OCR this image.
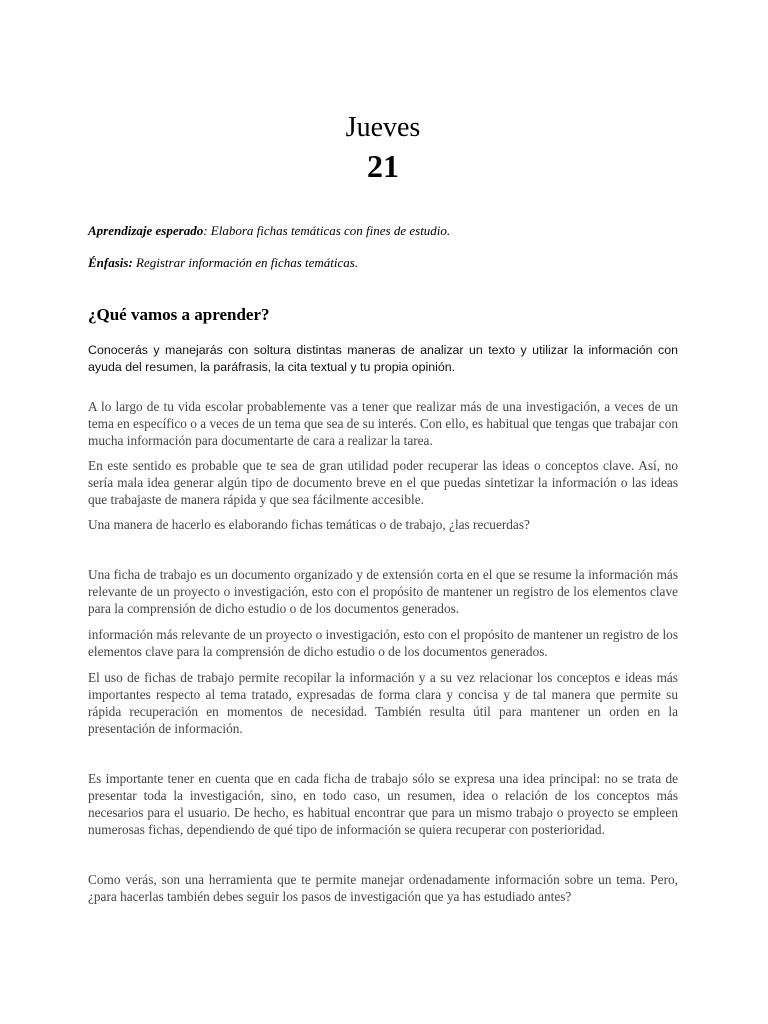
Jueves

21

Aprendizaje esperado: Elabora fichas temáticas con fines de estudio.

Énfasis: Registrar información en fichas temáticas.

¿Qué vamos a aprender?

Conocerás y manejarás con soltura distintas maneras de analizar un texto y utilizar la información con ayuda del resumen, la paráfrasis, la cita textual y tu propia opinión.

A lo largo de tu vida escolar probablemente vas a tener que realizar más de una investigación, a veces de un tema en específico o a veces de un tema que sea de su interés. Con ello, es habitual que tengas que trabajar con mucha información para documentarte de cara a realizar la tarea.

En este sentido es probable que te sea de gran utilidad poder recuperar las ideas o conceptos clave. Así, no sería mala idea generar algún tipo de documento breve en el que puedas sintetizar la información o las ideas que trabajaste de manera rápida y que sea fácilmente accesible.

Una manera de hacerlo es elaborando fichas temáticas o de trabajo, ¿las recuerdas?

Una ficha de trabajo es un documento organizado y de extensión corta en el que se resume la información más relevante de un proyecto o investigación, esto con el propósito de mantener un registro de los elementos clave para la comprensión de dicho estudio o de los documentos generados.

información más relevante de un proyecto o investigación, esto con el propósito de mantener un registro de los elementos clave para la comprensión de dicho estudio o de los documentos generados.

El uso de fichas de trabajo permite recopilar la información y a su vez relacionar los conceptos e ideas más importantes respecto al tema tratado, expresadas de forma clara y concisa y de tal manera que permite su rápida recuperación en momentos de necesidad. También resulta útil para mantener un orden en la presentación de información.

Es importante tener en cuenta que en cada ficha de trabajo sólo se expresa una idea principal: no se trata de presentar toda la investigación, sino, en todo caso, un resumen, idea o relación de los conceptos más necesarios para el usuario. De hecho, es habitual encontrar que para un mismo trabajo o proyecto se empleen numerosas fichas, dependiendo de qué tipo de información se quiera recuperar con posterioridad.

Como verás, son una herramienta que te permite manejar ordenadamente información sobre un tema. Pero, ¿para hacerlas también debes seguir los pasos de investigación que ya has estudiado antes?
